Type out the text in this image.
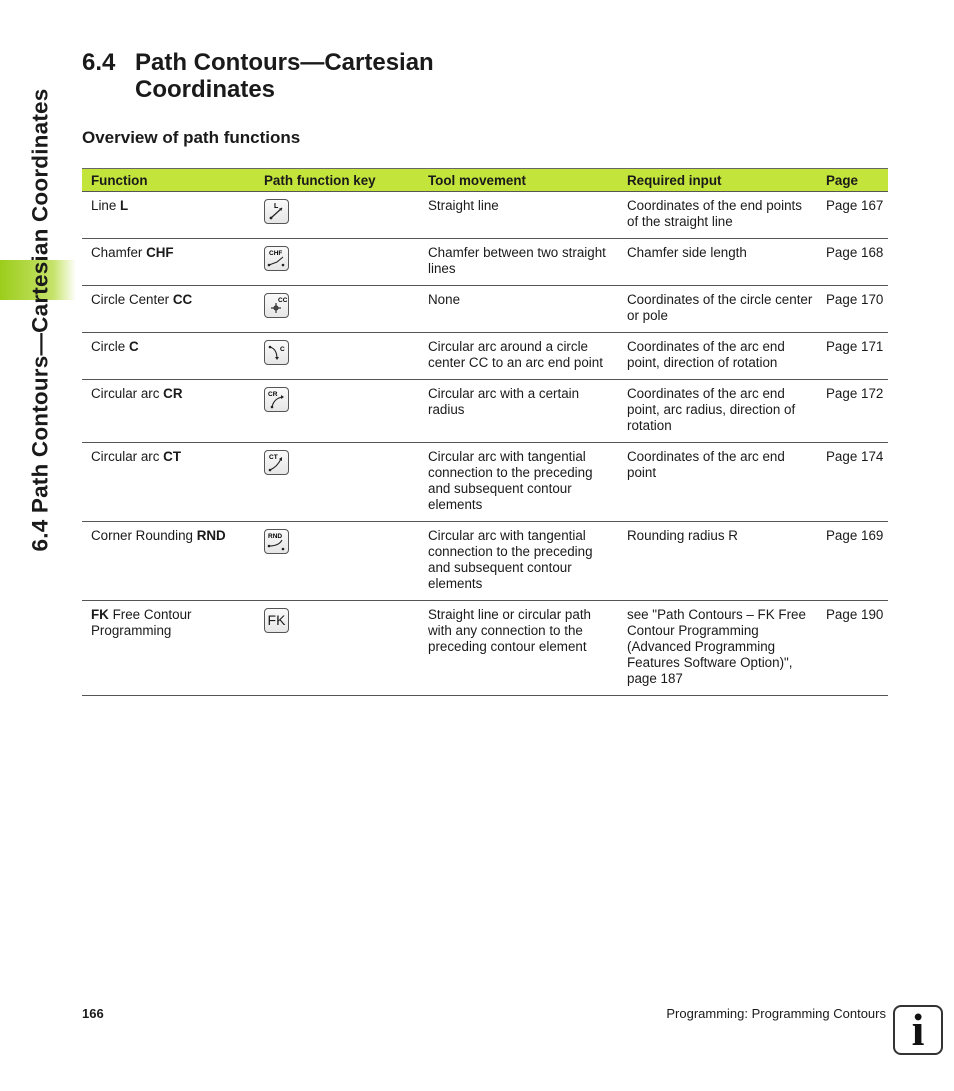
6.4 Path Contours—Cartesian Coordinates
6.4 Path Contours—Cartesian
Coordinates
Overview of path functions
Function	Path function key	Tool movement	Required input	Page
Line L	L	Straight line	Coordinates of the end points of the straight line	Page 167
Chamfer CHF	CHF	Chamfer between two straight lines	Chamfer side length	Page 168
Circle Center CC	CC	None	Coordinates of the circle center or pole	Page 170
Circle C	C	Circular arc around a circle center CC to an arc end point	Coordinates of the arc end point, direction of rotation	Page 171
Circular arc CR	CR	Circular arc with a certain radius	Coordinates of the arc end point, arc radius, direction of rotation	Page 172
Circular arc CT	CT	Circular arc with tangential connection to the preceding and subsequent contour elements	Coordinates of the arc end point	Page 174
Corner Rounding RND	RND	Circular arc with tangential connection to the preceding and subsequent contour elements	Rounding radius R	Page 169
FK Free Contour Programming	FK	Straight line or circular path with any connection to the preceding contour element	see "Path Contours – FK Free Contour Programming (Advanced Programming Features Software Option)", page 187	Page 190
166	Programming: Programming Contours i
